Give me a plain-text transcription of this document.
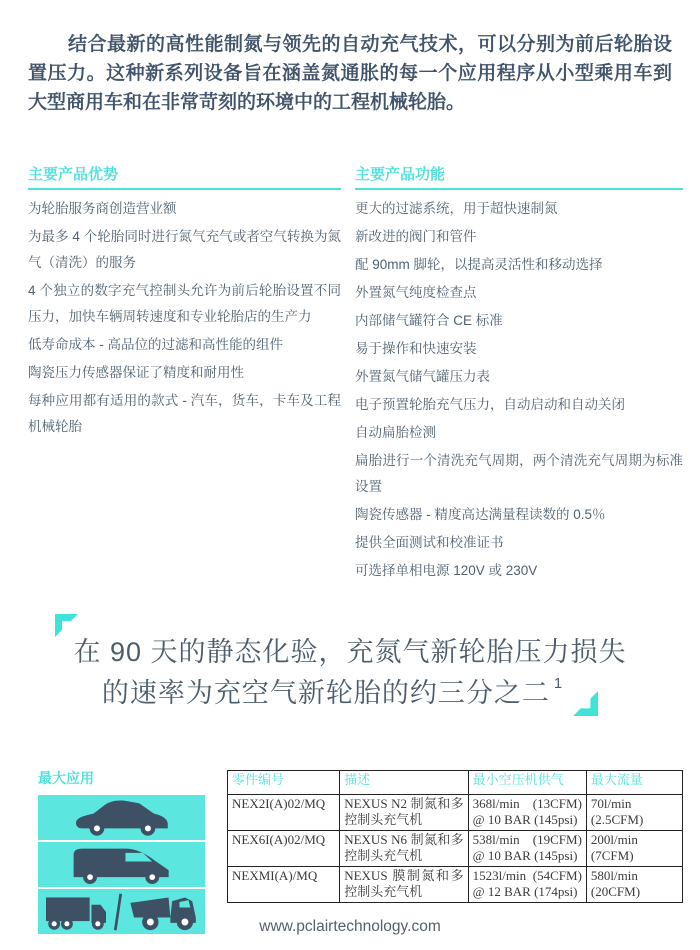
结合最新的高性能制氮与领先的自动充气技术，可以分别为前后轮胎设置压力。这种新系列设备旨在涵盖氮通胀的每一个应用程序从小型乘用车到大型商用车和在非常苛刻的环境中的工程机械轮胎。

主要产品优势
为轮胎服务商创造营业额
为最多 4 个轮胎同时进行氮气充气或者空气转换为氮气（清洗）的服务
4 个独立的数字充气控制头允许为前后轮胎设置不同压力，加快车辆周转速度和专业轮胎店的生产力
低寿命成本 - 高品位的过滤和高性能的组件
陶瓷压力传感器保证了精度和耐用性
每种应用都有适用的款式 - 汽车，货车，卡车及工程机械轮胎
主要产品功能
更大的过滤系统，用于超快速制氮
新改进的阀门和管件
配 90mm 脚轮，以提高灵活性和移动选择
外置氮气纯度检查点
内部储气罐符合 CE 标准
易于操作和快速安装
外置氮气储气罐压力表
电子预置轮胎充气压力，自动启动和自动关闭
自动扁胎检测
扁胎进行一个清洗充气周期，两个清洗充气周期为标准设置
陶瓷传感器 - 精度高达满量程读数的 0.5％
提供全面测试和校准证书
可选择单相电源 120V 或 230V
在 90 天的静态化验，充氮气新轮胎压力损失的速率为充空气新轮胎的约三分之二 $^1$
最大应用	零件编号	描述	最小空压机供气	最大流量
NEX2I(A)02/MQ	NEXUS N2 制氮和多控制头充气机	368l/min (13CFM) @ 10 BAR (145psi)	70l/min (2.5CFM)
NEX6I(A)02/MQ	NEXUS N6 制氮和多控制头充气机	538l/min (19CFM) @ 10 BAR (145psi)	200l/min (7CFM)
NEXMI(A)/MQ	NEXUS 膜制氮和多控制头充气机	1523l/min (54CFM) @ 12 BAR (174psi)	580l/min (20CFM)
www.pclairtechnology.com
